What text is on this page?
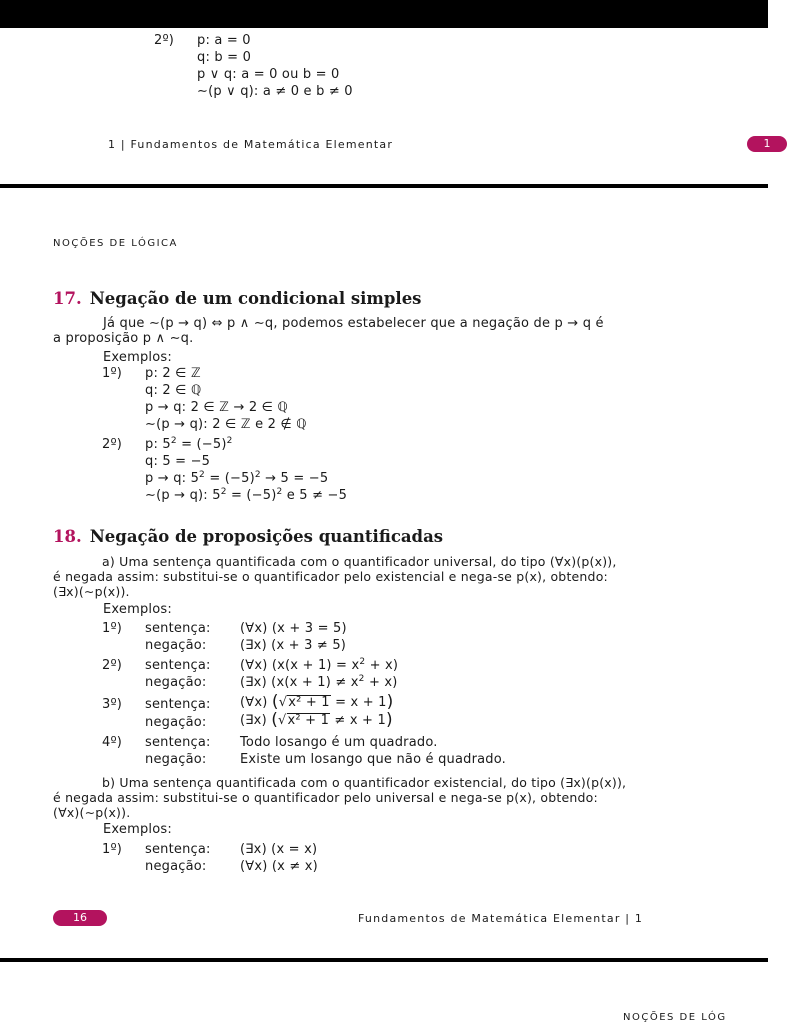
2º) p: a = 0
q: b = 0
p ∨ q: a = 0 ou b = 0
∼(p ∨ q): a ≠ 0 e b ≠ 0
1 | Fundamentos de Matemática Elementar	1
NOÇÕES DE LÓGICA
17. Negação de um condicional simples
Já que ∼(p → q) ⇔ p ∧ ∼q, podemos estabelecer que a negação de p → q é
a proposição p ∧ ∼q.
Exemplos:
1º) p: 2 ∈ ℤ
q: 2 ∈ ℚ
p → q: 2 ∈ ℤ → 2 ∈ ℚ
∼(p → q): 2 ∈ ℤ e 2 ∉ ℚ
2º) p: $5^2 = (-5)^2$
q: 5 = −5
p → q: $5^2 = (-5)^2 \to 5 = -5$
∼(p → q): $5^2 = (-5)^2$ e 5 ≠ −5
18. Negação de proposições quantificadas
a) Uma sentença quantificada com o quantificador universal, do tipo (∀x)(p(x)),
é negada assim: substitui-se o quantificador pelo existencial e nega-se p(x), obtendo:
(∃x)(∼p(x)).
Exemplos:
1º) sentença: (∀x) (x + 3 = 5)
negação:	(∃x) (x + 3 ≠ 5)
2º) sentença: (∀x) $(x(x + 1) = x^2 + x)$
negação:	(∃x) $(x(x + 1) \ne x^2 + x)$
3º) sentença: (∀x) (√x² + 1 = x + 1)
negação:	(∃x) (√x² + 1 ≠ x + 1)
4º) sentença: Todo losango é um quadrado.
negação:	Existe um losango que não é quadrado.
b) Uma sentença quantificada com o quantificador existencial, do tipo (∃x)(p(x)),
é negada assim: substitui-se o quantificador pelo universal e nega-se p(x), obtendo:
(∀x)(∼p(x)).
Exemplos:
1º) sentença: (∃x) (x = x)
negação:	(∀x) (x ≠ x)
16	Fundamentos de Matemática Elementar | 1
NOÇÕES DE LÓG
